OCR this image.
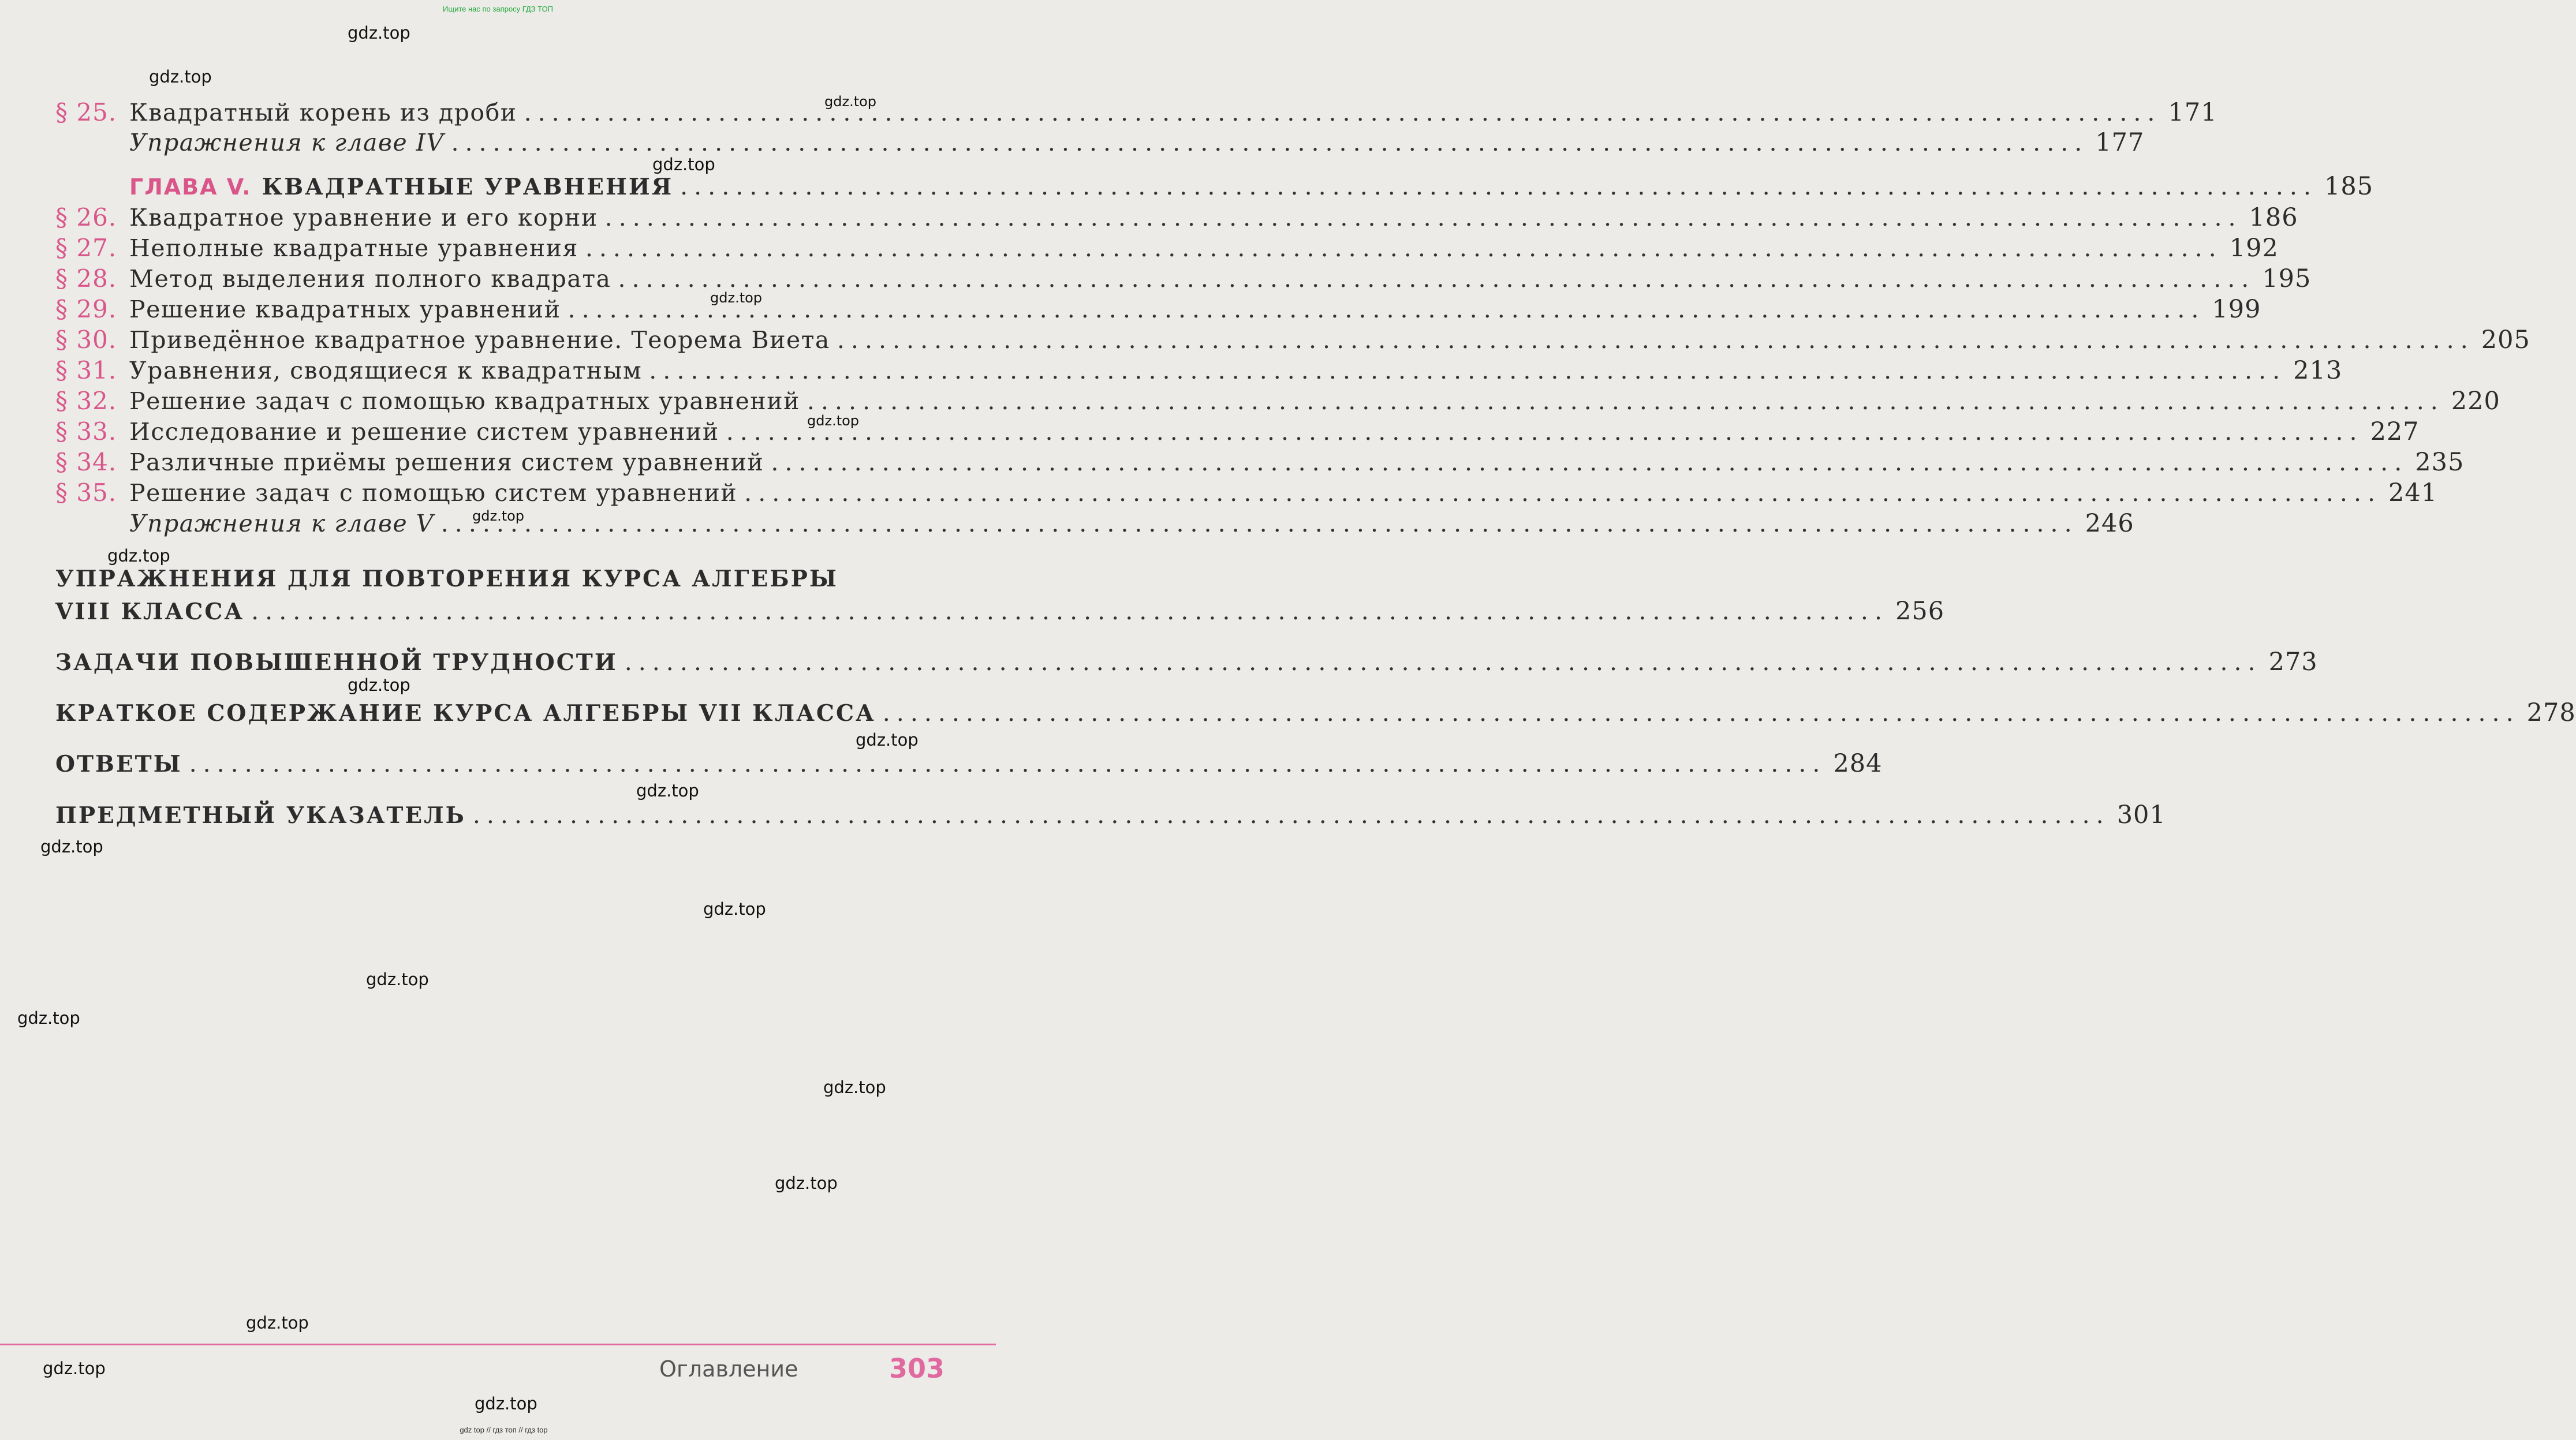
Ищите нас по запросу ГДЗ ТОП
§ 25. Квадратный корень из дроби .....	171
Упражнения к главе IV .....	177
ГЛАВА V. КВАДРАТНЫЕ УРАВНЕНИЯ .....	185
§ 26. Квадратное уравнение и его корни .....	186
§ 27. Неполные квадратные уравнения .....	192
§ 28. Метод выделения полного квадрата .....	195
§ 29. Решение квадратных уравнений .....	199
§ 30. Приведённое квадратное уравнение. Теорема Виета .....	205
§ 31. Уравнения, сводящиеся к квадратным .....	213
§ 32. Решение задач с помощью квадратных уравнений .....	220
§ 33. Исследование и решение систем уравнений .....	227
§ 34. Различные приёмы решения систем уравнений .....	235
§ 35. Решение задач с помощью систем уравнений .....	241
Упражнения к главе V .....	246
УПРАЖНЕНИЯ ДЛЯ ПОВТОРЕНИЯ КУРСА АЛГЕБРЫ
VIII КЛАССА .....	256
ЗАДАЧИ ПОВЫШЕННОЙ ТРУДНОСТИ .....	273
КРАТКОЕ СОДЕРЖАНИЕ КУРСА АЛГЕБРЫ VII КЛАССА .....	278
ОТВЕТЫ .....	284
ПРЕДМЕТНЫЙ УКАЗАТЕЛЬ .....	301
gdz.top
gdz.top
gdz.top
gdz.top
gdz.top
gdz.top
gdz.top
gdz.top
gdz.top
gdz.top
gdz.top
gdz.top
gdz.top
gdz.top
gdz.top
gdz.top
gdz.top
gdz.top
gdz.top
gdz.top
Оглавление	303
gdz top // гдз топ // гдз top
